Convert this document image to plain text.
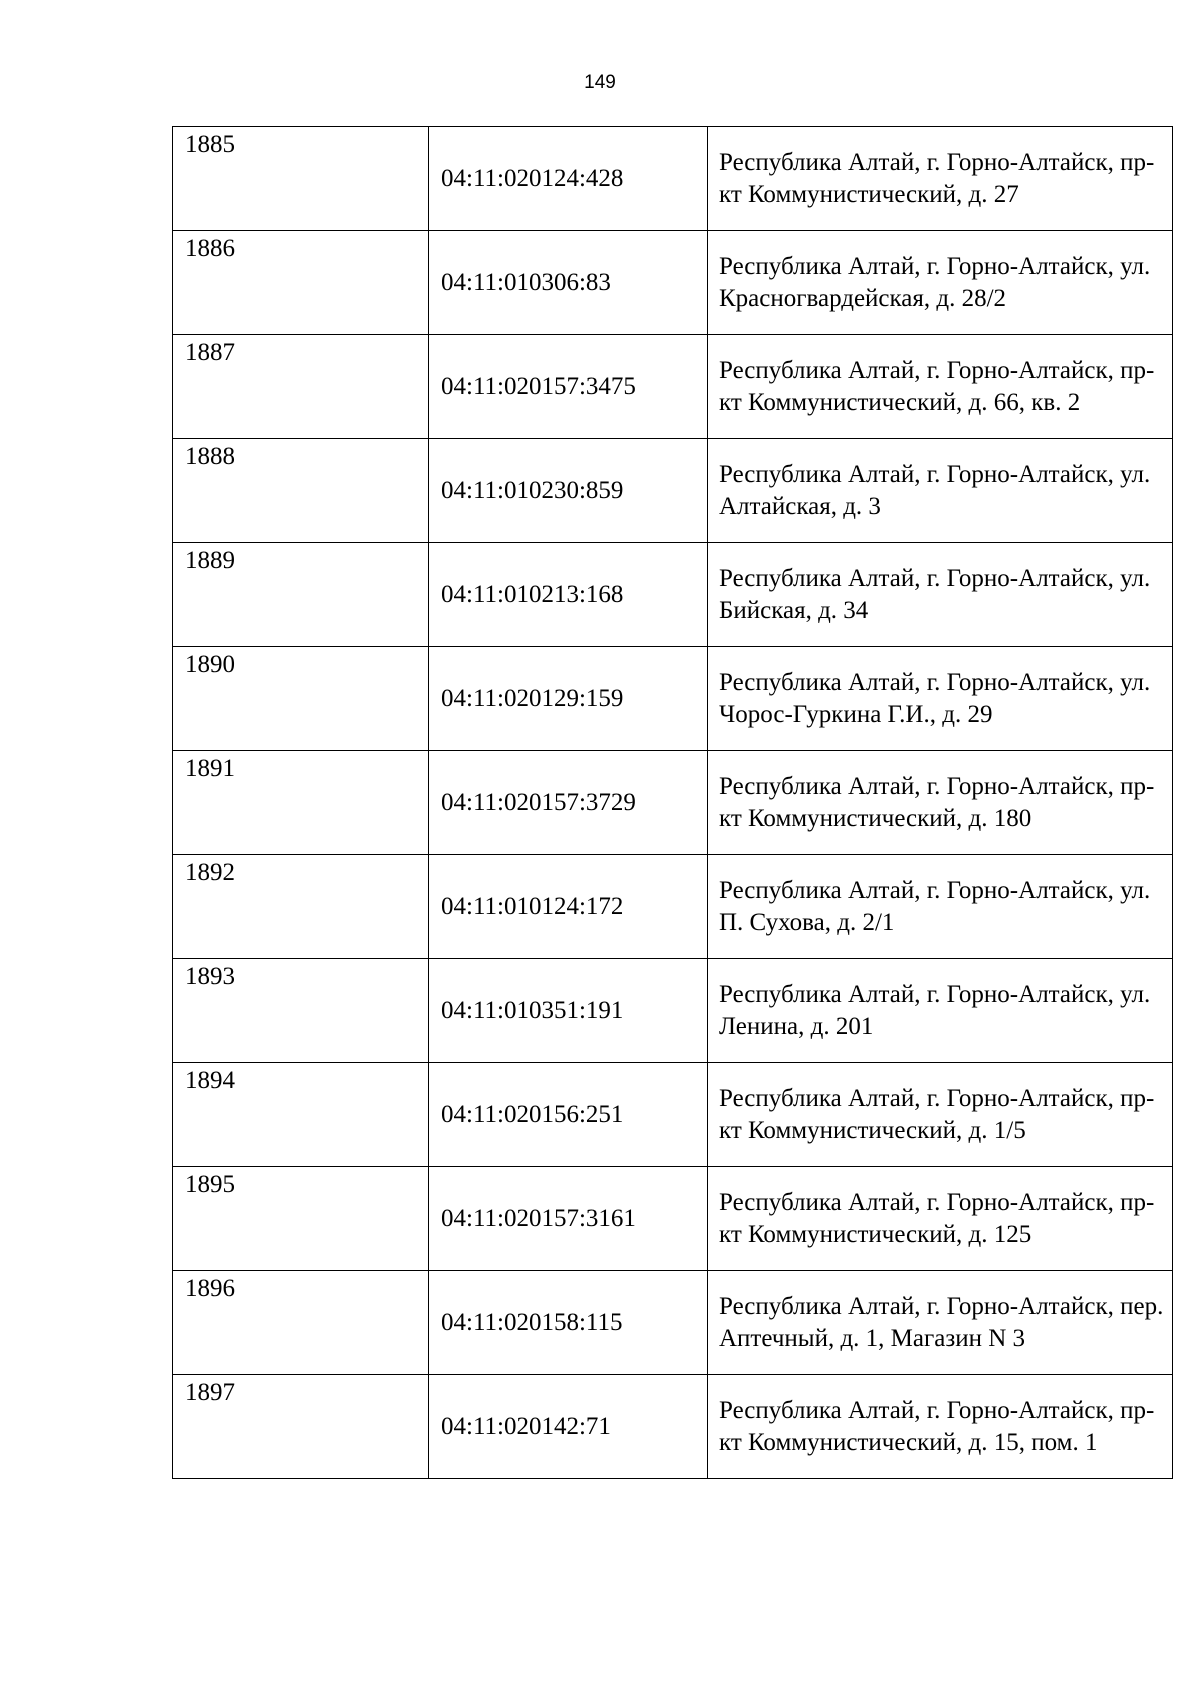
149
1885	04:11:020124:428	Республика Алтай, г. Горно-Алтайск, пр-кт Коммунистический, д. 27
1886	04:11:010306:83	Республика Алтай, г. Горно-Алтайск, ул. Красногвардейская, д. 28/2
1887	04:11:020157:3475	Республика Алтай, г. Горно-Алтайск, пр-кт Коммунистический, д. 66, кв. 2
1888	04:11:010230:859	Республика Алтай, г. Горно-Алтайск, ул. Алтайская, д. 3
1889	04:11:010213:168	Республика Алтай, г. Горно-Алтайск, ул. Бийская, д. 34
1890	04:11:020129:159	Республика Алтай, г. Горно-Алтайск, ул. Чорос-Гуркина Г.И., д. 29
1891	04:11:020157:3729	Республика Алтай, г. Горно-Алтайск, пр-кт Коммунистический, д. 180
1892	04:11:010124:172	Республика Алтай, г. Горно-Алтайск, ул. П. Сухова, д. 2/1
1893	04:11:010351:191	Республика Алтай, г. Горно-Алтайск, ул. Ленина, д. 201
1894	04:11:020156:251	Республика Алтай, г. Горно-Алтайск, пр-кт Коммунистический, д. 1/5
1895	04:11:020157:3161	Республика Алтай, г. Горно-Алтайск, пр-кт Коммунистический, д. 125
1896	04:11:020158:115	Республика Алтай, г. Горно-Алтайск, пер. Аптечный, д. 1, Магазин N 3
1897	04:11:020142:71	Республика Алтай, г. Горно-Алтайск, пр-кт Коммунистический, д. 15, пом. 1
